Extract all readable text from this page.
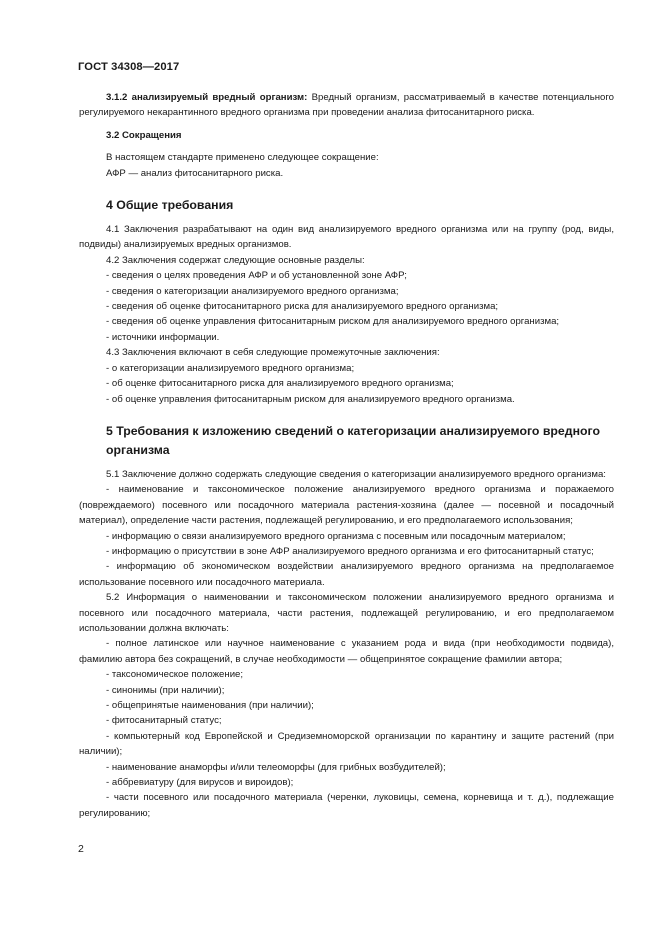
ГОСТ 34308—2017

3.1.2 анализируемый вредный организм: Вредный организм, рассматриваемый в качестве потенциального регулируемого некарантинного вредного организма при проведении анализа фитосанитарного риска.

3.2 Сокращения

В настоящем стандарте применено следующее сокращение:

АФР — анализ фитосанитарного риска.

4 Общие требования

4.1 Заключения разрабатывают на один вид анализируемого вредного организма или на группу (род, виды, подвиды) анализируемых вредных организмов.

4.2 Заключения содержат следующие основные разделы:

- сведения о целях проведения АФР и об установленной зоне АФР;

- сведения о категоризации анализируемого вредного организма;

- сведения об оценке фитосанитарного риска для анализируемого вредного организма;

- сведения об оценке управления фитосанитарным риском для анализируемого вредного организма;

- источники информации.

4.3 Заключения включают в себя следующие промежуточные заключения:

- о категоризации анализируемого вредного организма;

- об оценке фитосанитарного риска для анализируемого вредного организма;

- об оценке управления фитосанитарным риском для анализируемого вредного организма.

5 Требования к изложению сведений о категоризации анализируемого вредного организма

5.1 Заключение должно содержать следующие сведения о категоризации анализируемого вредного организма:

- наименование и таксономическое положение анализируемого вредного организма и поражаемого (повреждаемого) посевного или посадочного материала растения-хозяина (далее — посевной и посадочный материал), определение части растения, подлежащей регулированию, и его предполагаемого использования;

- информацию о связи анализируемого вредного организма с посевным или посадочным материалом;

- информацию о присутствии в зоне АФР анализируемого вредного организма и его фитосанитарный статус;

- информацию об экономическом воздействии анализируемого вредного организма на предполагаемое использование посевного или посадочного материала.

5.2 Информация о наименовании и таксономическом положении анализируемого вредного организма и посевного или посадочного материала, части растения, подлежащей регулированию, и его предполагаемом использовании должна включать:

- полное латинское или научное наименование с указанием рода и вида (при необходимости подвида), фамилию автора без сокращений, в случае необходимости — общепринятое сокращение фамилии автора;

- таксономическое положение;

- синонимы (при наличии);

- общепринятые наименования (при наличии);

- фитосанитарный статус;

- компьютерный код Европейской и Средиземноморской организации по карантину и защите растений (при наличии);

- наименование анаморфы и/или телеоморфы (для грибных возбудителей);

- аббревиатуру (для вирусов и вироидов);

- части посевного или посадочного материала (черенки, луковицы, семена, корневища и т. д.), подлежащие регулированию;

2
